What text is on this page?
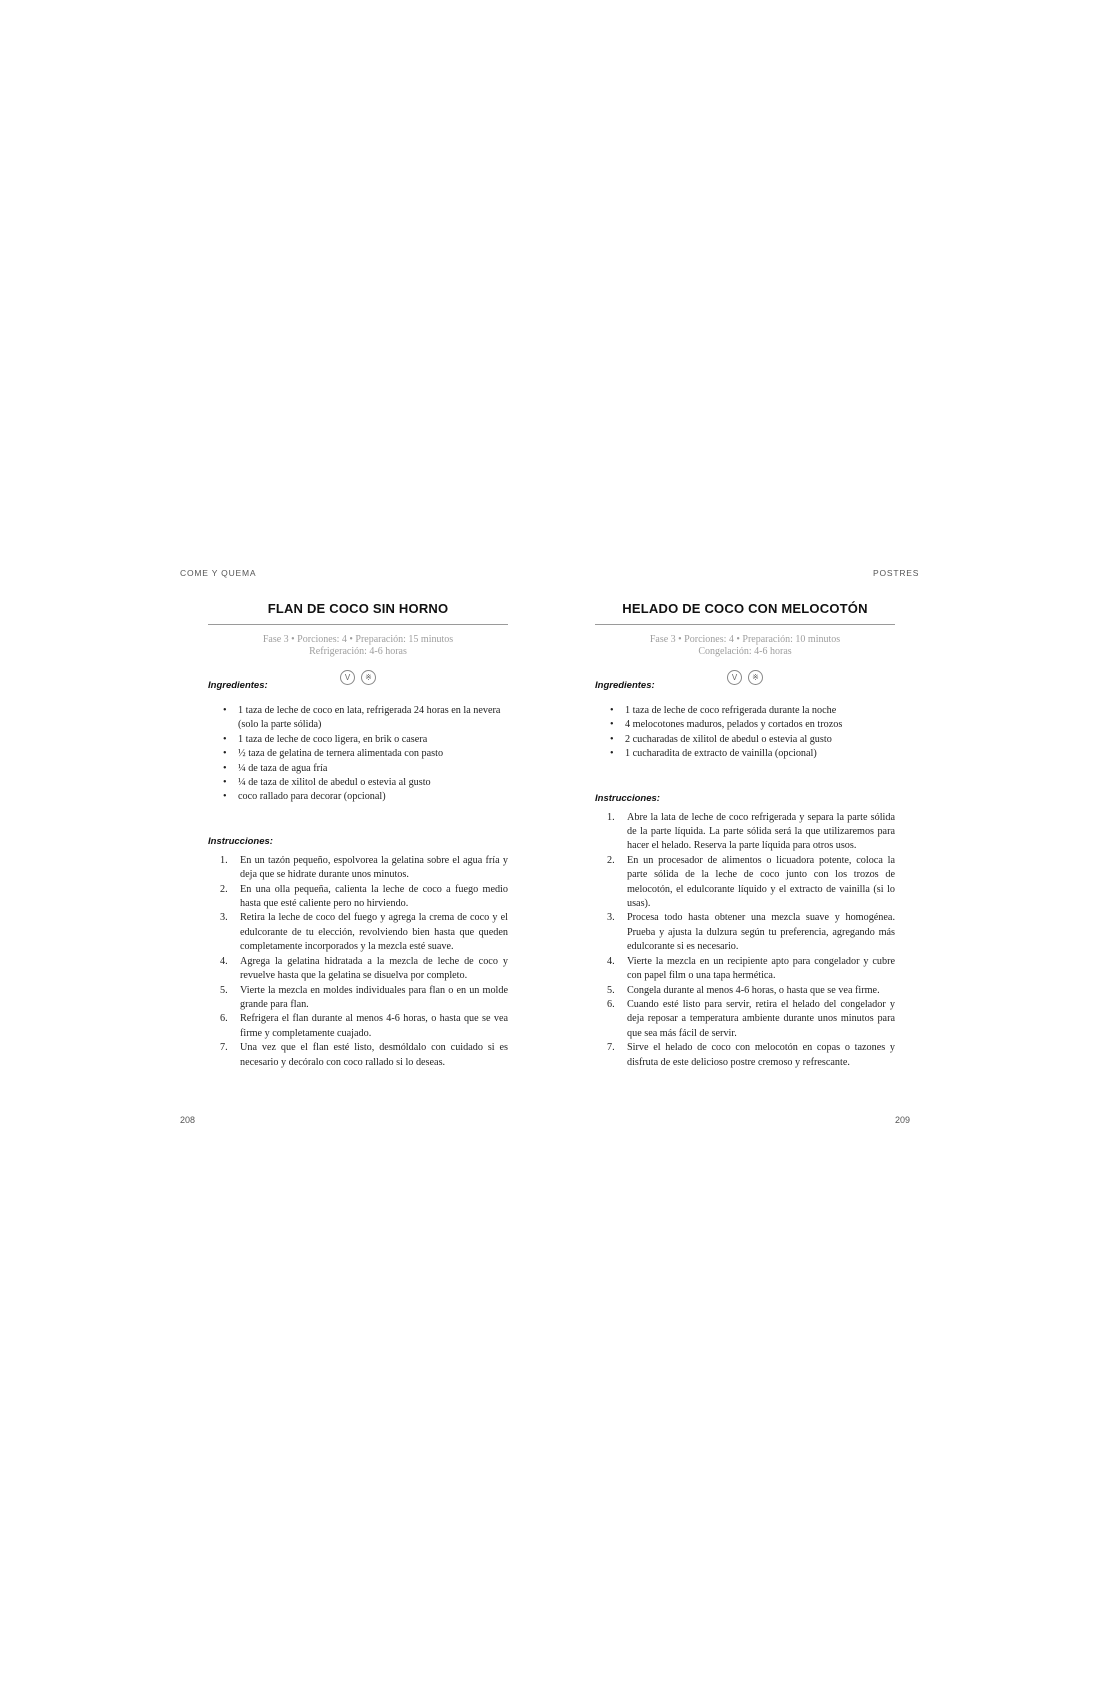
COME Y QUEMA	POSTRES
FLAN DE COCO SIN HORNO
Fase 3 • Porciones: 4 • Preparación: 15 minutos
Refrigeración: 4-6 horas
V ※

Ingredientes:

• 1 taza de leche de coco en lata, refrigerada 24 horas en la nevera (solo la parte sólida)
• 1 taza de leche de coco ligera, en brik o casera
• ½ taza de gelatina de ternera alimentada con pasto
• ¼ de taza de agua fría
• ¼ de taza de xilitol de abedul o estevia al gusto
• coco rallado para decorar (opcional)

Instrucciones:

1. En un tazón pequeño, espolvorea la gelatina sobre el agua fría y deja que se hidrate durante unos minutos.
2. En una olla pequeña, calienta la leche de coco a fuego medio hasta que esté caliente pero no hirviendo.
3. Retira la leche de coco del fuego y agrega la crema de coco y el edulcorante de tu elección, revolviendo bien hasta que queden completamente incorporados y la mezcla esté suave.
4. Agrega la gelatina hidratada a la mezcla de leche de coco y revuelve hasta que la gelatina se disuelva por completo.
5. Vierte la mezcla en moldes individuales para flan o en un molde grande para flan.
6. Refrigera el flan durante al menos 4-6 horas, o hasta que se vea firme y completamente cuajado.
7. Una vez que el flan esté listo, desmóldalo con cuidado si es necesario y decóralo con coco rallado si lo deseas.
HELADO DE COCO CON MELOCOTÓN
Fase 3 • Porciones: 4 • Preparación: 10 minutos
Congelación: 4-6 horas
V ※

Ingredientes:

• 1 taza de leche de coco refrigerada durante la noche
• 4 melocotones maduros, pelados y cortados en trozos
• 2 cucharadas de xilitol de abedul o estevia al gusto
• 1 cucharadita de extracto de vainilla (opcional)

Instrucciones:

1. Abre la lata de leche de coco refrigerada y separa la parte sólida de la parte líquida. La parte sólida será la que utilizaremos para hacer el helado. Reserva la parte líquida para otros usos.
2. En un procesador de alimentos o licuadora potente, coloca la parte sólida de la leche de coco junto con los trozos de melocotón, el edulcorante líquido y el extracto de vainilla (si lo usas).
3. Procesa todo hasta obtener una mezcla suave y homogénea. Prueba y ajusta la dulzura según tu preferencia, agregando más edulcorante si es necesario.
4. Vierte la mezcla en un recipiente apto para congelador y cubre con papel film o una tapa hermética.
5. Congela durante al menos 4-6 horas, o hasta que se vea firme.
6. Cuando esté listo para servir, retira el helado del congelador y deja reposar a temperatura ambiente durante unos minutos para que sea más fácil de servir.
7. Sirve el helado de coco con melocotón en copas o tazones y disfruta de este delicioso postre cremoso y refrescante.
208	209
